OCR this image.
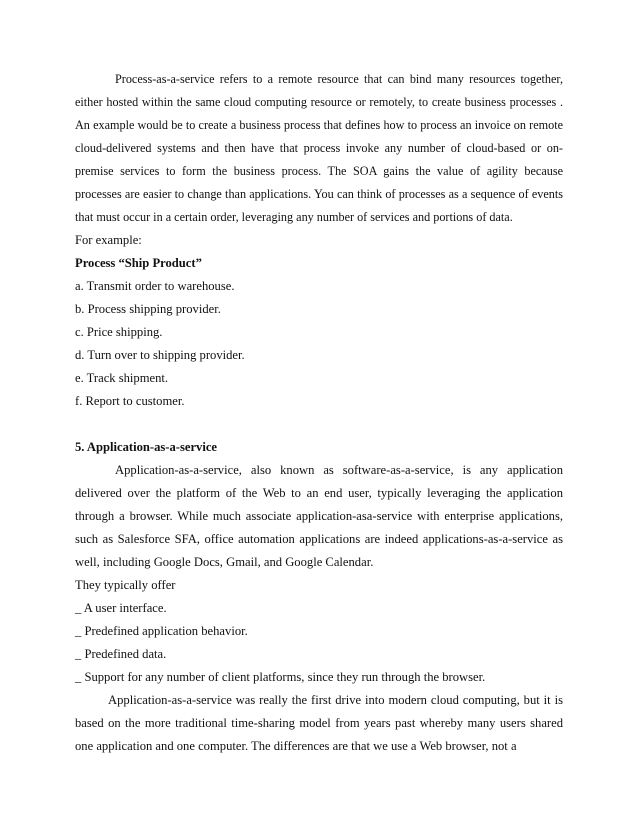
Process-as-a-service refers to a remote resource that can bind many resources together, either hosted within the same cloud computing resource or remotely, to create business processes . An example would be to create a business process that defines how to process an invoice on remote cloud-delivered systems and then have that process invoke any number of cloud-based or on-premise services to form the business process. The SOA gains the value of agility because processes are easier to change than applications. You can think of processes as a sequence of events that must occur in a certain order, leveraging any number of services and portions of data.

For example:

Process “Ship Product”

a. Transmit order to warehouse.

b. Process shipping provider.

c. Price shipping.

d. Turn over to shipping provider.

e. Track shipment.

f. Report to customer.

5. Application-as-a-service

Application-as-a-service, also known as software-as-a-service, is any application delivered over the platform of the Web to an end user, typically leveraging the application through a browser. While much associate application-asa-service with enterprise applications, such as Salesforce SFA, office automation applications are indeed applications-as-a-service as well, including Google Docs, Gmail, and Google Calendar.

They typically offer

_ A user interface.

_ Predefined application behavior.

_ Predefined data.

_ Support for any number of client platforms, since they run through the browser.

Application-as-a-service was really the first drive into modern cloud computing, but it is based on the more traditional time-sharing model from years past whereby many users shared one application and one computer. The differences are that we use a Web browser, not a
